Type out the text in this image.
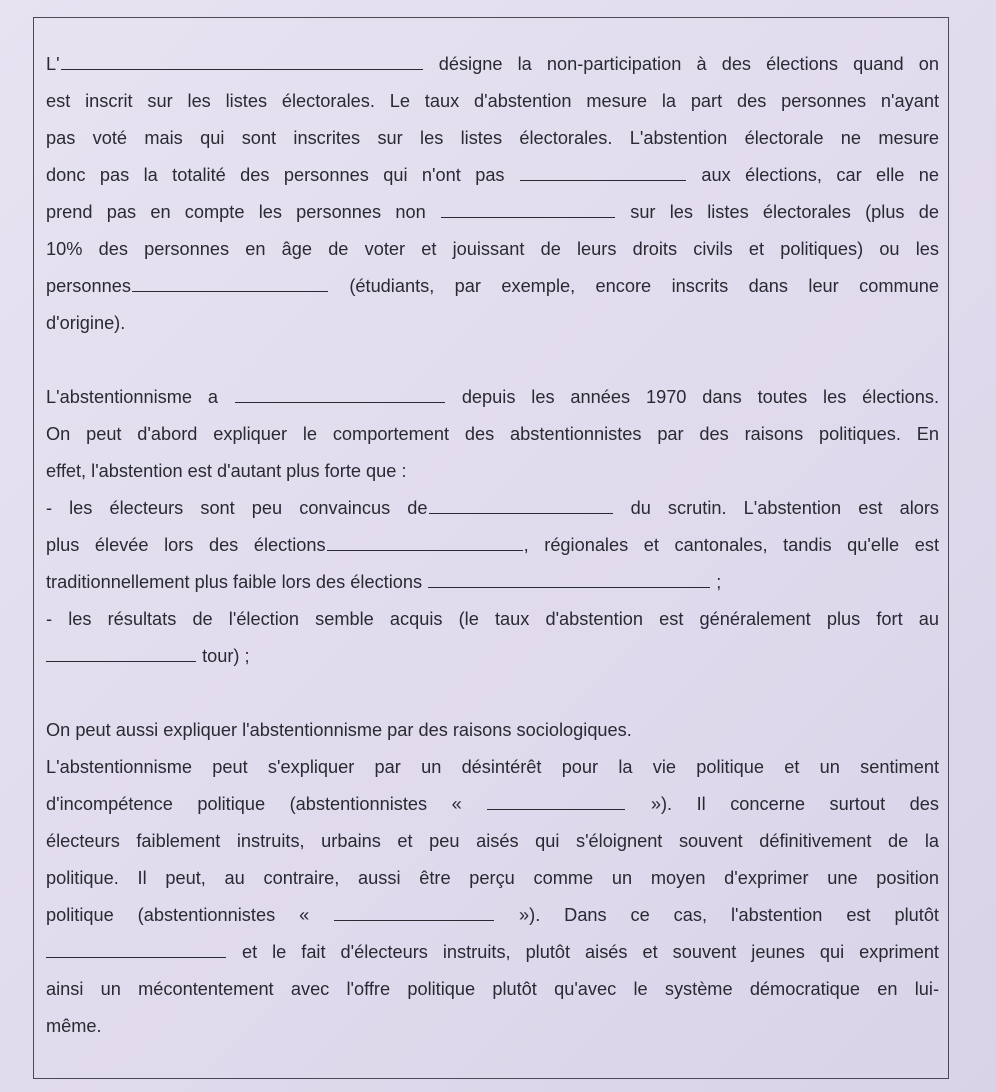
L'	désigne la non-participation à des élections quand on
est inscrit sur les listes électorales. Le taux d'abstention mesure la part des personnes n'ayant
pas voté mais qui sont inscrites sur les listes électorales. L'abstention électorale ne mesure
donc pas la totalité des personnes qui n'ont pas	aux élections, car elle ne
prend pas en compte les personnes non	sur les listes électorales (plus de
10% des personnes en âge de voter et jouissant de leurs droits civils et politiques) ou les
personnes	(étudiants, par exemple, encore inscrits dans leur commune
d'origine).

L'abstentionnisme a	depuis les années 1970 dans toutes les élections.
On peut d'abord expliquer le comportement des abstentionnistes par des raisons politiques. En
effet, l'abstention est d'autant plus forte que :
- les électeurs sont peu convaincus de	du scrutin. L'abstention est alors
plus élevée lors des élections	, régionales et cantonales, tandis qu'elle est
traditionnellement plus faible lors des élections	;
- les résultats de l'élection semble acquis (le taux d'abstention est généralement plus fort au
tour) ;

On peut aussi expliquer l'abstentionnisme par des raisons sociologiques.
L'abstentionnisme peut s'expliquer par un désintérêt pour la vie politique et un sentiment
d'incompétence politique (abstentionnistes «	»). Il concerne surtout des
électeurs faiblement instruits, urbains et peu aisés qui s'éloignent souvent définitivement de la
politique. Il peut, au contraire, aussi être perçu comme un moyen d'exprimer une position
politique (abstentionnistes «	»). Dans ce cas, l'abstention est plutôt
et le fait d'électeurs instruits, plutôt aisés et souvent jeunes qui expriment
ainsi un mécontentement avec l'offre politique plutôt qu'avec le système démocratique en lui-
même.
